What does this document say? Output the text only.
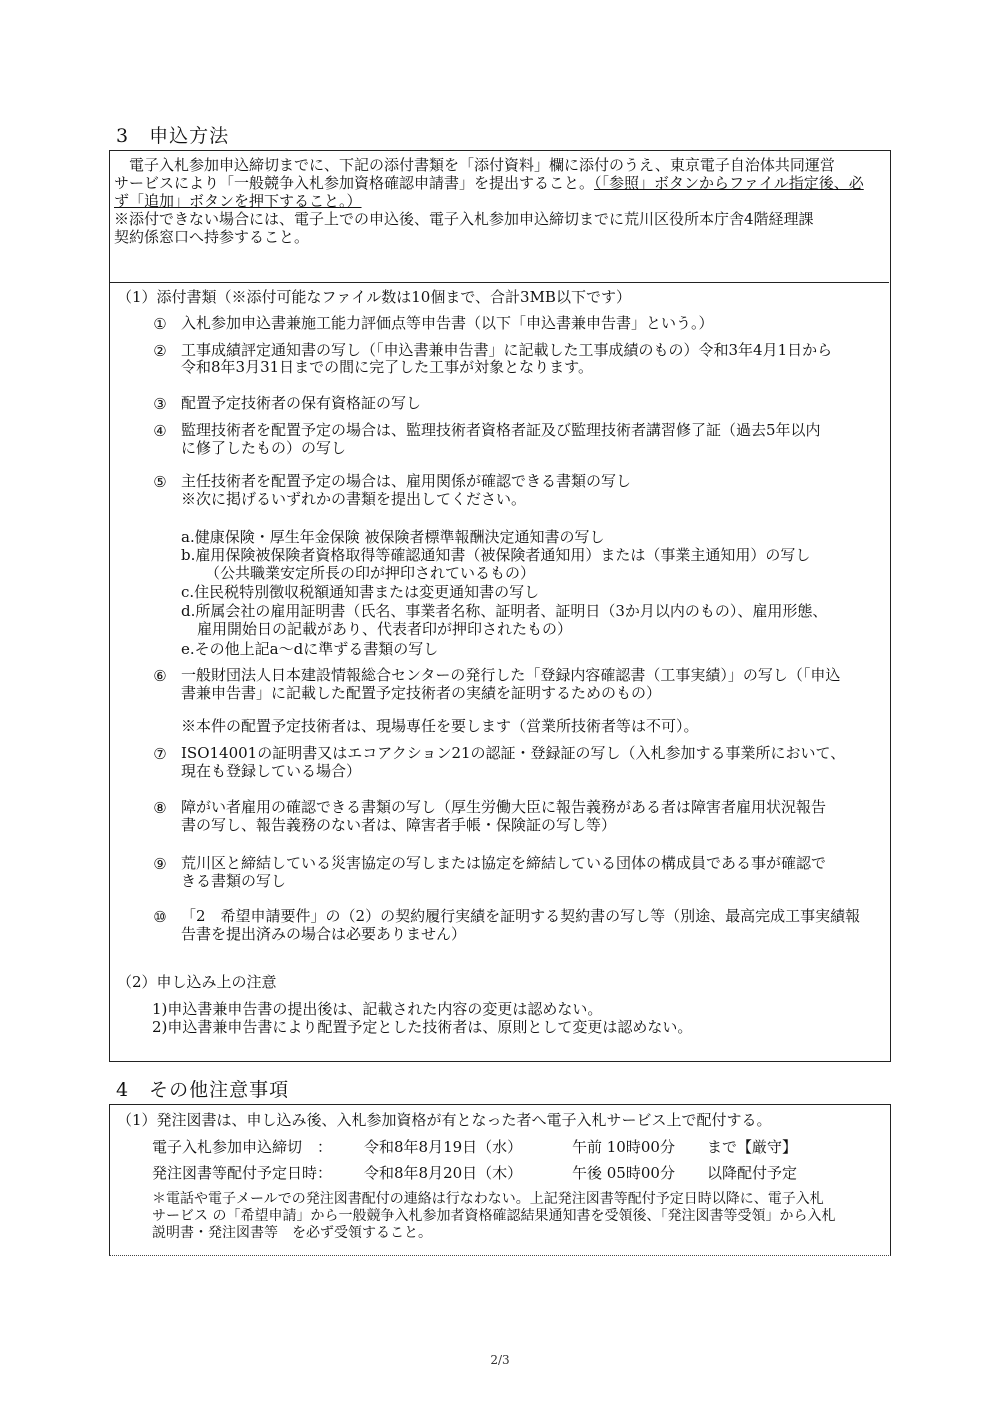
3　申込方法
　電子入札参加申込締切までに、下記の添付書類を「添付資料」欄に添付のうえ、東京電子自治体共同運営
サービスにより「一般競争入札参加資格確認申請書」を提出すること。（「参照」ボタンからファイル指定後、必
ず「追加」ボタンを押下すること。）
※添付できない場合には、電子上での申込後、電子入札参加申込締切までに荒川区役所本庁舎4階経理課
契約係窓口へ持参すること。
（1）添付書類（※添付可能なファイル数は10個まで、合計3MB以下です）
① 入札参加申込書兼施工能力評価点等申告書（以下「申込書兼申告書」という。）
② 工事成績評定通知書の写し（「申込書兼申告書」に記載した工事成績のもの）令和3年4月1日から
令和8年3月31日までの間に完了した工事が対象となります。
③ 配置予定技術者の保有資格証の写し
④ 監理技術者を配置予定の場合は、監理技術者資格者証及び監理技術者講習修了証（過去5年以内
に修了したもの）の写し
⑤ 主任技術者を配置予定の場合は、雇用関係が確認できる書類の写し
※次に掲げるいずれかの書類を提出してください。
a.健康保険・厚生年金保険 被保険者標準報酬決定通知書の写し
b.雇用保険被保険者資格取得等確認通知書（被保険者通知用）または（事業主通知用）の写し
（公共職業安定所長の印が押印されているもの）
c.住民税特別徴収税額通知書または変更通知書の写し
d.所属会社の雇用証明書（氏名、事業者名称、証明者、証明日（3か月以内のもの）、雇用形態、
雇用開始日の記載があり、代表者印が押印されたもの）
e.その他上記a～dに準ずる書類の写し
⑥ 一般財団法人日本建設情報総合センターの発行した「登録内容確認書（工事実績）」の写し（「申込
書兼申告書」に記載した配置予定技術者の実績を証明するためのもの）
※本件の配置予定技術者は、現場専任を要します（営業所技術者等は不可）。
⑦ ISO14001の証明書又はエコアクション21の認証・登録証の写し（入札参加する事業所において、
現在も登録している場合）
⑧ 障がい者雇用の確認できる書類の写し（厚生労働大臣に報告義務がある者は障害者雇用状況報告
書の写し、報告義務のない者は、障害者手帳・保険証の写し等）
⑨ 荒川区と締結している災害協定の写しまたは協定を締結している団体の構成員である事が確認で
きる書類の写し
⑩ 「2　希望申請要件」の（2）の契約履行実績を証明する契約書の写し等（別途、最高完成工事実績報
告書を提出済みの場合は必要ありません）
（2）申し込み上の注意
1)申込書兼申告書の提出後は、記載された内容の変更は認めない。
2)申込書兼申告書により配置予定とした技術者は、原則として変更は認めない。
4　その他注意事項
（1）発注図書は、申し込み後、入札参加資格が有となった者へ電子入札サービス上で配付する。
電子入札参加申込締切　： 令和8年8月19日（水）	午前 10時00分 まで【厳守】
発注図書等配付予定日時： 令和8年8月20日（木）	午後 05時00分 以降配付予定
＊電話や電子メールでの発注図書配付の連絡は行なわない。上記発注図書等配付予定日時以降に、電子入札
サービス の「希望申請」から一般競争入札参加者資格確認結果通知書を受領後、「発注図書等受領」から入札
説明書・発注図書等　を必ず受領すること。
2/3
